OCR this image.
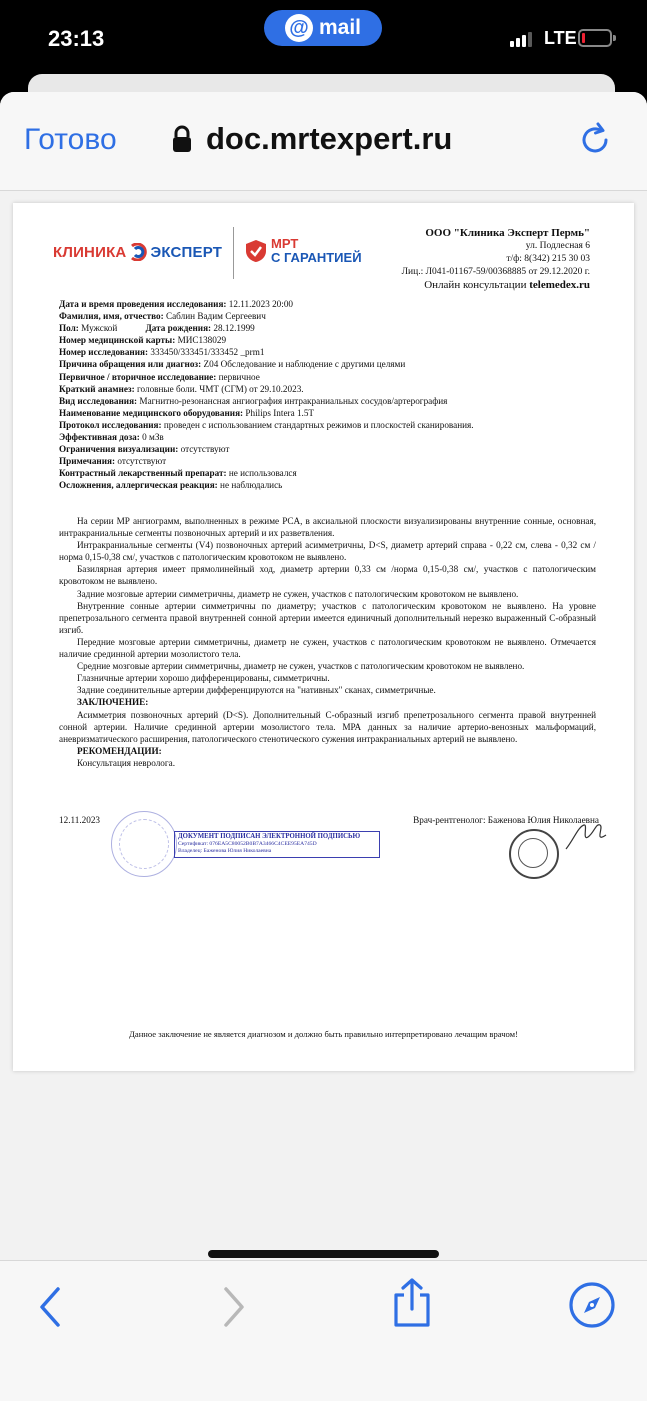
23:13	@ mail	LTE
Готово	doc.mrtexpert.ru
КЛИНИКА ЭКСПЕРТ	МРТ
С ГАРАНТИЕЙ
ООО "Клиника Эксперт Пермь"
ул. Подлесная 6
т/ф: 8(342) 215 30 03
Лиц.: Л041-01167-59/00368885 от 29.12.2020 г.
Онлайн консультации telemedex.ru
Дата и время проведения исследования: 12.11.2023 20:00
Фамилия, имя, отчество: Саблин Вадим Сергеевич
Пол: Мужской	Дата рождения: 28.12.1999
Номер медицинской карты: МИС138029
Номер исследования: 333450/333451/333452 _prm1
Причина обращения или диагноз: Z04 Обследование и наблюдение с другими целями
Первичное / вторичное исследование: первичное
Краткий анамнез: головные боли. ЧМТ (СГМ) от 29.10.2023.
Вид исследования: Магнитно-резонансная ангиография интракраниальных сосудов/артерография
Наименование медицинского оборудования: Philips Intera 1.5T
Протокол исследования: проведен с использованием стандартных режимов и плоскостей сканирования.
Эффективная доза: 0 мЗв
Ограничения визуализации: отсутствуют
Примечания: отсутствуют
Контрастный лекарственный препарат: не использовался
Осложнения, аллергическая реакция: не наблюдались

На серии МР ангиограмм, выполненных в режиме PCA, в аксиальной плоскости визуализированы внутренние сонные, основная, интракраниальные сегменты позвоночных артерий и их разветвления.

Интракраниальные сегменты (V4) позвоночных артерий асимметричны, D<S, диаметр артерий справа - 0,22 см, слева - 0,32 см /норма 0,15-0,38 см/, участков с патологическим кровотоком не выявлено.

Базилярная артерия имеет прямолинейный ход, диаметр артерии 0,33 см /норма 0,15-0,38 см/, участков с патологическим кровотоком не выявлено.

Задние мозговые артерии симметричны, диаметр не сужен, участков с патологическим кровотоком не выявлено.

Внутренние сонные артерии симметричны по диаметру; участков с патологическим кровотоком не выявлено. На уровне препетрозального сегмента правой внутренней сонной артерии имеется единичный дополнительный нерезко выраженный С-образный изгиб.

Передние мозговые артерии симметричны, диаметр не сужен, участков с патологическим кровотоком не выявлено. Отмечается наличие срединной артерии мозолистого тела.

Средние мозговые артерии симметричны, диаметр не сужен, участков с патологическим кровотоком не выявлено.

Глазничные артерии хорошо дифференцированы, симметричны.

Задние соединительные артерии дифференцируются на "нативных" сканах, симметричные.

ЗАКЛЮЧЕНИЕ:

Асимметрия позвоночных артерий (D<S). Дополнительный С-образный изгиб препетрозального сегмента правой внутренней сонной артерии. Наличие срединной артерии мозолистого тела. МРА данных за наличие артерио-венозных мальформаций, аневризматического расширения, патологического стенотического сужения интракраниальных артерий не выявлено.

РЕКОМЕНДАЦИИ:

Консультация невролога.

12.11.2023	Врач-рентгенолог: Баженова Юлия Николаевна
ДОКУМЕНТ ПОДПИСАН ЭЛЕКТРОННОЙ ПОДПИСЬЮ
Сертификат: 076EA5C80052B0B7A3466C4CEE95EA745D
Владелец: Баженова Юлия Николаевна
Данное заключение не является диагнозом и должно быть правильно интерпретировано лечащим врачом!
